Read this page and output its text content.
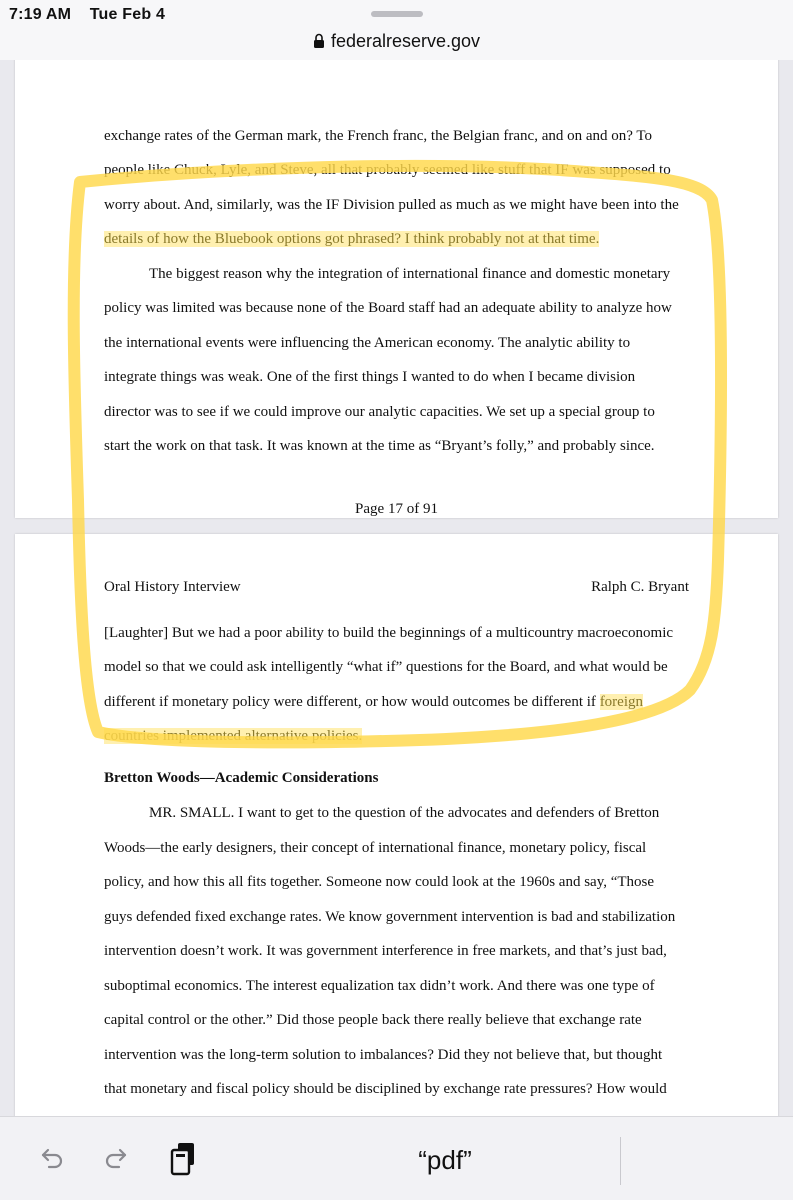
7:19 AM Tue Feb 4
federalreserve.gov
exchange rates of the German mark, the French franc, the Belgian franc, and on and on? To
people like Chuck, Lyle, and Steve, all that probably seemed like stuff that IF was supposed to
worry about. And, similarly, was the IF Division pulled as much as we might have been into the
details of how the Bluebook options got phrased? I think probably not at that time.
The biggest reason why the integration of international finance and domestic monetary
policy was limited was because none of the Board staff had an adequate ability to analyze how
the international events were influencing the American economy. The analytic ability to
integrate things was weak. One of the first things I wanted to do when I became division
director was to see if we could improve our analytic capacities. We set up a special group to
start the work on that task. It was known at the time as “Bryant’s folly,” and probably since.
Page 17 of 91
Oral History Interview	Ralph C. Bryant
[Laughter] But we had a poor ability to build the beginnings of a multicountry macroeconomic
model so that we could ask intelligently “what if” questions for the Board, and what would be
different if monetary policy were different, or how would outcomes be different if foreign
countries implemented alternative policies.
Bretton Woods—Academic Considerations
MR. SMALL. I want to get to the question of the advocates and defenders of Bretton
Woods—the early designers, their concept of international finance, monetary policy, fiscal
policy, and how this all fits together. Someone now could look at the 1960s and say, “Those
guys defended fixed exchange rates. We know government intervention is bad and stabilization
intervention doesn’t work. It was government interference in free markets, and that’s just bad,
suboptimal economics. The interest equalization tax didn’t work. And there was one type of
capital control or the other.” Did those people back there really believe that exchange rate
intervention was the long-term solution to imbalances? Did they not believe that, but thought
that monetary and fiscal policy should be disciplined by exchange rate pressures? How would
“pdf”
